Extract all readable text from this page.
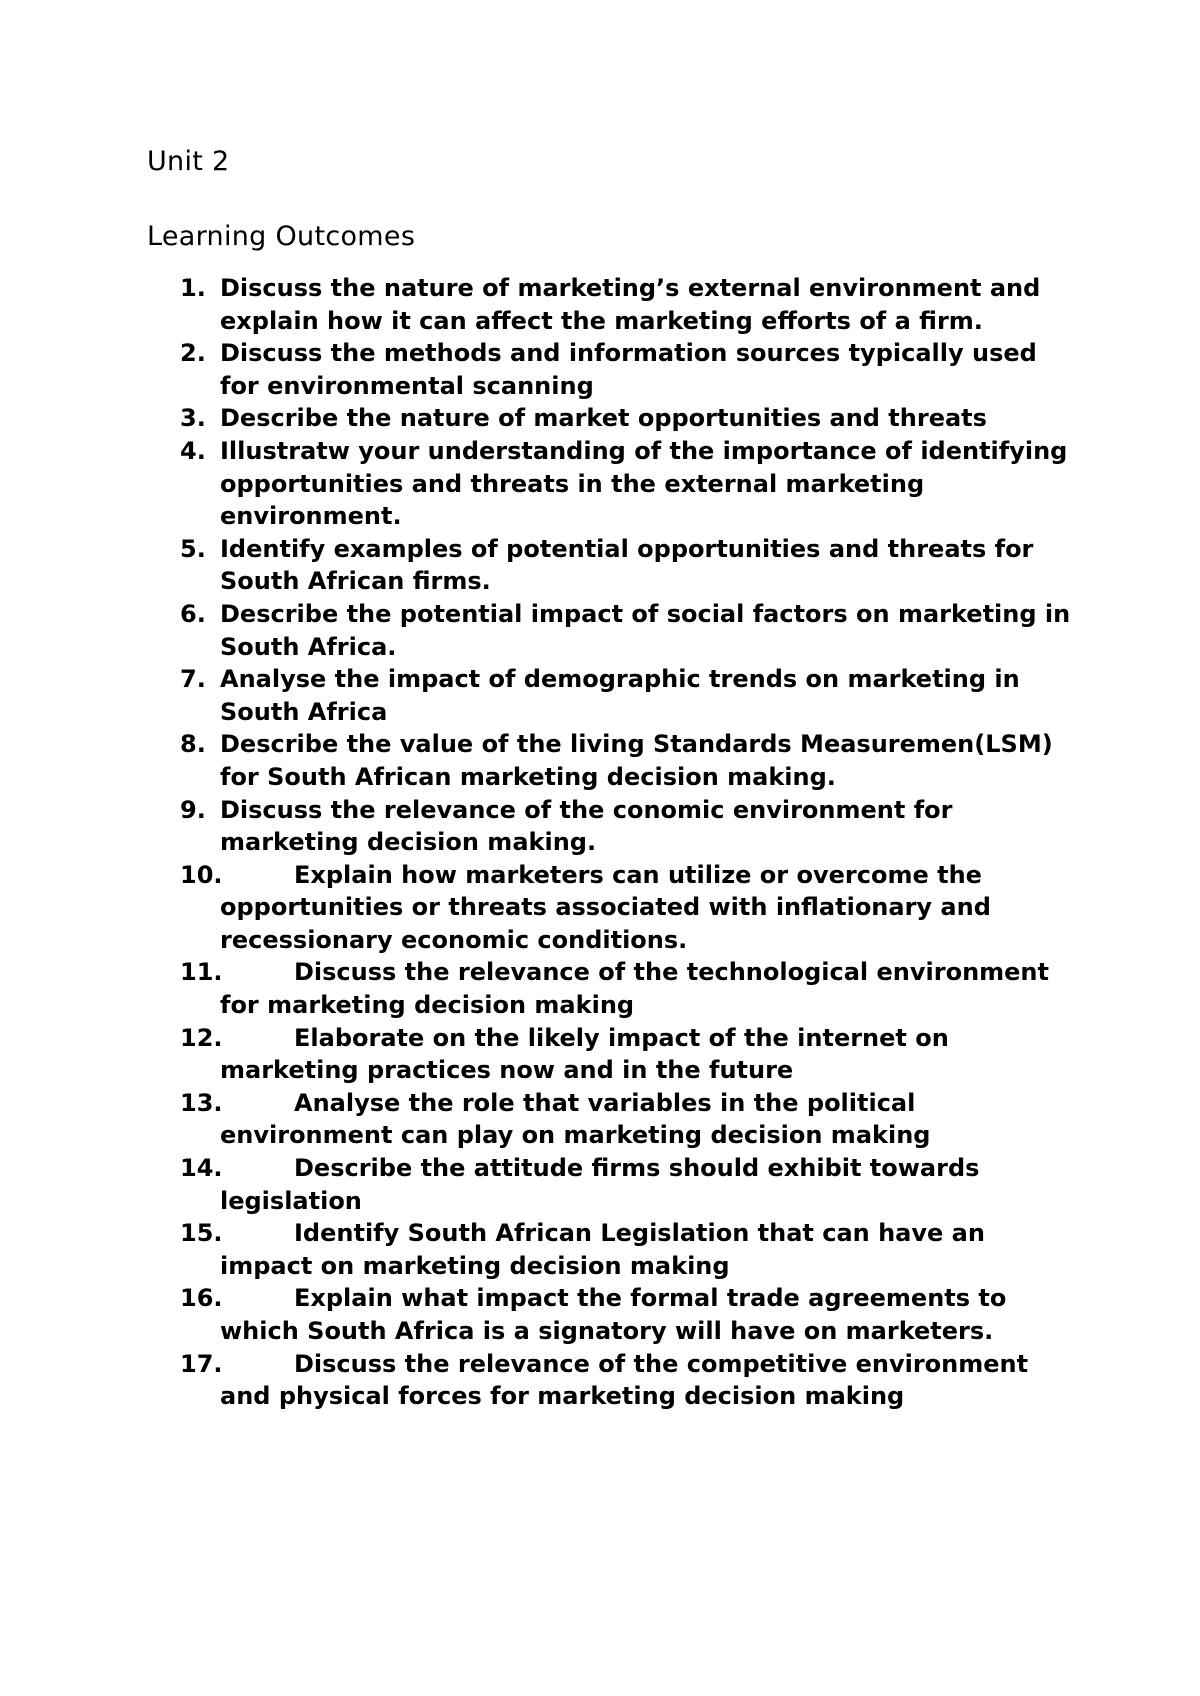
Unit 2
Learning Outcomes
1. Discuss the nature of marketing’s external environment and explain how it can affect the marketing efforts of a firm.
2. Discuss the methods and information sources typically used for environmental scanning
3. Describe the nature of market opportunities and threats
4. Illustratw your understanding of the importance of identifying opportunities and threats in the external marketing environment.
5. Identify examples of potential opportunities and threats for South African firms.
6. Describe the potential impact of social factors on marketing in South Africa.
7. Analyse the impact of demographic trends on marketing in South Africa
8. Describe the value of the living Standards Measuremen(LSM) for South African marketing decision making.
9. Discuss the relevance of the conomic environment for marketing decision making.
10.	Explain how marketers can utilize or overcome the opportunities or threats associated with inflationary and recessionary economic conditions.
11.	Discuss the relevance of the technological environment for marketing decision making
12.	Elaborate on the likely impact of the internet on marketing practices now and in the future
13.	Analyse the role that variables in the political environment can play on marketing decision making
14.	Describe the attitude firms should exhibit towards legislation
15.	Identify South African Legislation that can have an impact on marketing decision making
16.	Explain what impact the formal trade agreements to which South Africa is a signatory will have on marketers.
17.	Discuss the relevance of the competitive environment and physical forces for marketing decision making
